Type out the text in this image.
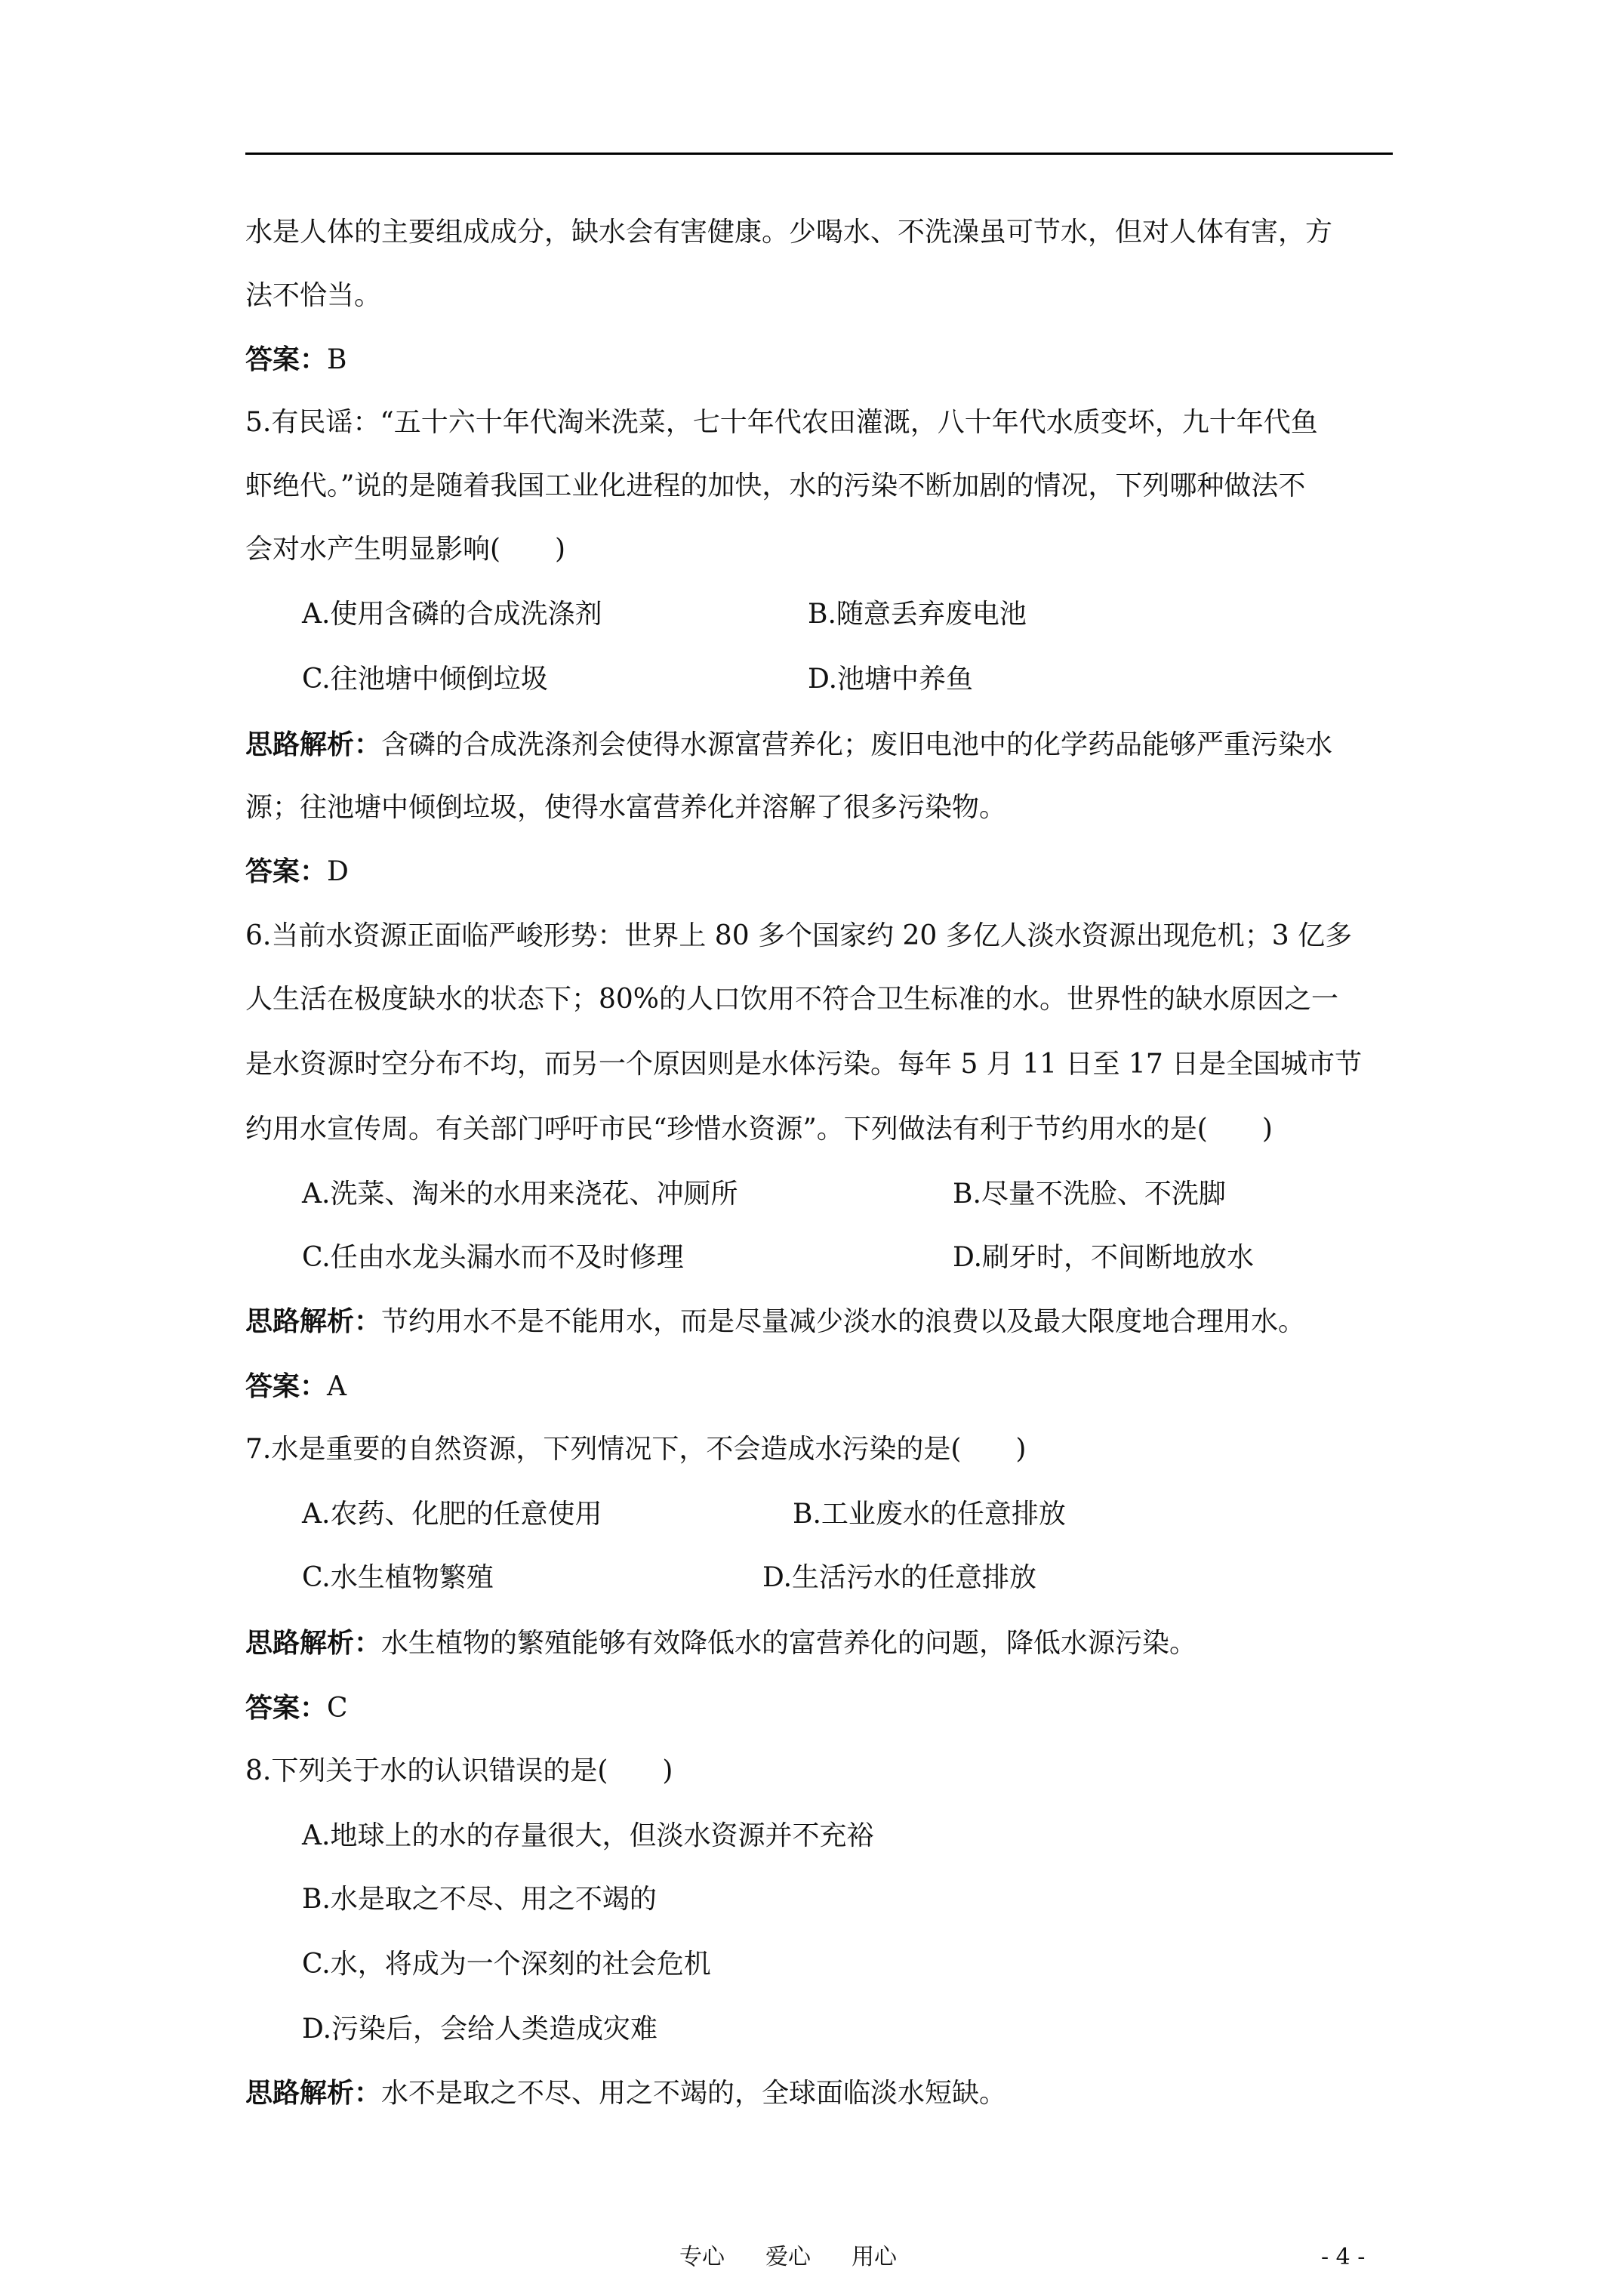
水是人体的主要组成成分，缺水会有害健康。少喝水、不洗澡虽可节水，但对人体有害，方
法不恰当。
答案：B
5.有民谣：“五十六十年代淘米洗菜，七十年代农田灌溉，八十年代水质变坏，九十年代鱼
虾绝代。”说的是随着我国工业化进程的加快，水的污染不断加剧的情况，下列哪种做法不
会对水产生明显影响(　　)
A.使用含磷的合成洗涤剂	B.随意丢弃废电池
C.往池塘中倾倒垃圾	D.池塘中养鱼
思路解析：含磷的合成洗涤剂会使得水源富营养化；废旧电池中的化学药品能够严重污染水
源；往池塘中倾倒垃圾，使得水富营养化并溶解了很多污染物。
答案：D
6.当前水资源正面临严峻形势：世界上 80 多个国家约 20 多亿人淡水资源出现危机；3 亿多
人生活在极度缺水的状态下；80%的人口饮用不符合卫生标准的水。世界性的缺水原因之一
是水资源时空分布不均，而另一个原因则是水体污染。每年 5 月 11 日至 17 日是全国城市节
约用水宣传周。有关部门呼吁市民“珍惜水资源”。下列做法有利于节约用水的是(　　)
A.洗菜、淘米的水用来浇花、冲厕所	B.尽量不洗脸、不洗脚
C.任由水龙头漏水而不及时修理	D.刷牙时，不间断地放水
思路解析：节约用水不是不能用水，而是尽量减少淡水的浪费以及最大限度地合理用水。
答案：A
7.水是重要的自然资源，下列情况下，不会造成水污染的是(　　)
A.农药、化肥的任意使用	B.工业废水的任意排放
C.水生植物繁殖	D.生活污水的任意排放
思路解析：水生植物的繁殖能够有效降低水的富营养化的问题，降低水源污染。
答案：C
8.下列关于水的认识错误的是(　　)
A.地球上的水的存量很大，但淡水资源并不充裕
B.水是取之不尽、用之不竭的
C.水，将成为一个深刻的社会危机
D.污染后，会给人类造成灾难
思路解析：水不是取之不尽、用之不竭的，全球面临淡水短缺。
专心 爱心 用心	- 4 -
